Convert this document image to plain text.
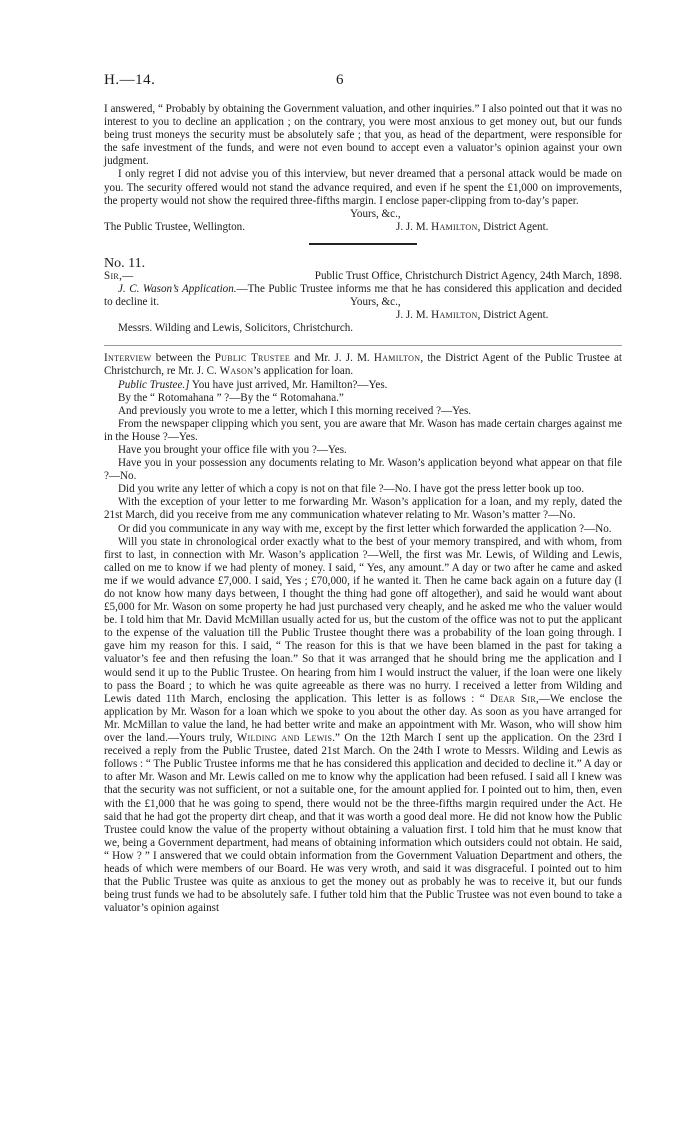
H.—14.	6

I answered, “ Probably by obtaining the Government valuation, and other inquiries.” I also pointed out that it was no interest to you to decline an application ; on the contrary, you were most anxious to get money out, but our funds being trust moneys the security must be absolutely safe ; that you, as head of the department, were responsible for the safe investment of the funds, and were not even bound to accept even a valuator’s opinion against your own judgment.

I only regret I did not advise you of this interview, but never dreamed that a personal attack would be made on you. The security offered would not stand the advance required, and even if he spent the £1,000 on improvements, the property would not show the required three-fifths margin. I enclose paper-clipping from to-day’s paper.

Yours, &c.,

The Public Trustee, Wellington.	J. J. M. Hamilton, District Agent.

No. 11.

Sir,—	Public Trust Office, Christchurch District Agency, 24th March, 1898.

J. C. Wason’s Application.—The Public Trustee informs me that he has considered this application and decided to decline it.	Yours, &c.,

J. J. M. Hamilton, District Agent.

Messrs. Wilding and Lewis, Solicitors, Christchurch.

Interview between the Public Trustee and Mr. J. J. M. Hamilton, the District Agent of the Public Trustee at Christchurch, re Mr. J. C. Wason’s application for loan.

Public Trustee.] You have just arrived, Mr. Hamilton?—Yes.

By the “ Rotomahana ” ?—By the “ Rotomahana.”

And previously you wrote to me a letter, which I this morning received ?—Yes.

From the newspaper clipping which you sent, you are aware that Mr. Wason has made certain charges against me in the House ?—Yes.

Have you brought your office file with you ?—Yes.

Have you in your possession any documents relating to Mr. Wason’s application beyond what appear on that file ?—No.

Did you write any letter of which a copy is not on that file ?—No. I have got the press letter book up too.

With the exception of your letter to me forwarding Mr. Wason’s application for a loan, and my reply, dated the 21st March, did you receive from me any communication whatever relating to Mr. Wason’s matter ?—No.

Or did you communicate in any way with me, except by the first letter which forwarded the application ?—No.

Will you state in chronological order exactly what to the best of your memory transpired, and with whom, from first to last, in connection with Mr. Wason’s application ?—Well, the first was Mr. Lewis, of Wilding and Lewis, called on me to know if we had plenty of money. I said, “ Yes, any amount.” A day or two after he came and asked me if we would advance £7,000. I said, Yes ; £70,000, if he wanted it. Then he came back again on a future day (I do not know how many days between, I thought the thing had gone off altogether), and said he would want about £5,000 for Mr. Wason on some property he had just purchased very cheaply, and he asked me who the valuer would be. I told him that Mr. David McMillan usually acted for us, but the custom of the office was not to put the applicant to the expense of the valuation till the Public Trustee thought there was a probability of the loan going through. I gave him my reason for this. I said, “ The reason for this is that we have been blamed in the past for taking a valuator’s fee and then refusing the loan.” So that it was arranged that he should bring me the application and I would send it up to the Public Trustee. On hearing from him I would instruct the valuer, if the loan were one likely to pass the Board ; to which he was quite agreeable as there was no hurry. I received a letter from Wilding and Lewis dated 11th March, enclosing the application. This letter is as follows : “ Dear Sir,—We enclose the application by Mr. Wason for a loan which we spoke to you about the other day. As soon as you have arranged for Mr. McMillan to value the land, he had better write and make an appointment with Mr. Wason, who will show him over the land.—Yours truly, Wilding and Lewis.” On the 12th March I sent up the application. On the 23rd I received a reply from the Public Trustee, dated 21st March. On the 24th I wrote to Messrs. Wilding and Lewis as follows : “ The Public Trustee informs me that he has considered this application and decided to decline it.” A day or to after Mr. Wason and Mr. Lewis called on me to know why the application had been refused. I said all I knew was that the security was not sufficient, or not a suitable one, for the amount applied for. I pointed out to him, then, even with the £1,000 that he was going to spend, there would not be the three-fifths margin required under the Act. He said that he had got the property dirt cheap, and that it was worth a good deal more. He did not know how the Public Trustee could know the value of the property without obtaining a valuation first. I told him that he must know that we, being a Government department, had means of obtaining information which outsiders could not obtain. He said, “ How ? ” I answered that we could obtain information from the Government Valuation Department and others, the heads of which were members of our Board. He was very wroth, and said it was disgraceful. I pointed out to him that the Public Trustee was quite as anxious to get the money out as probably he was to receive it, but our funds being trust funds we had to be absolutely safe. I futher told him that the Public Trustee was not even bound to take a valuator’s opinion against
